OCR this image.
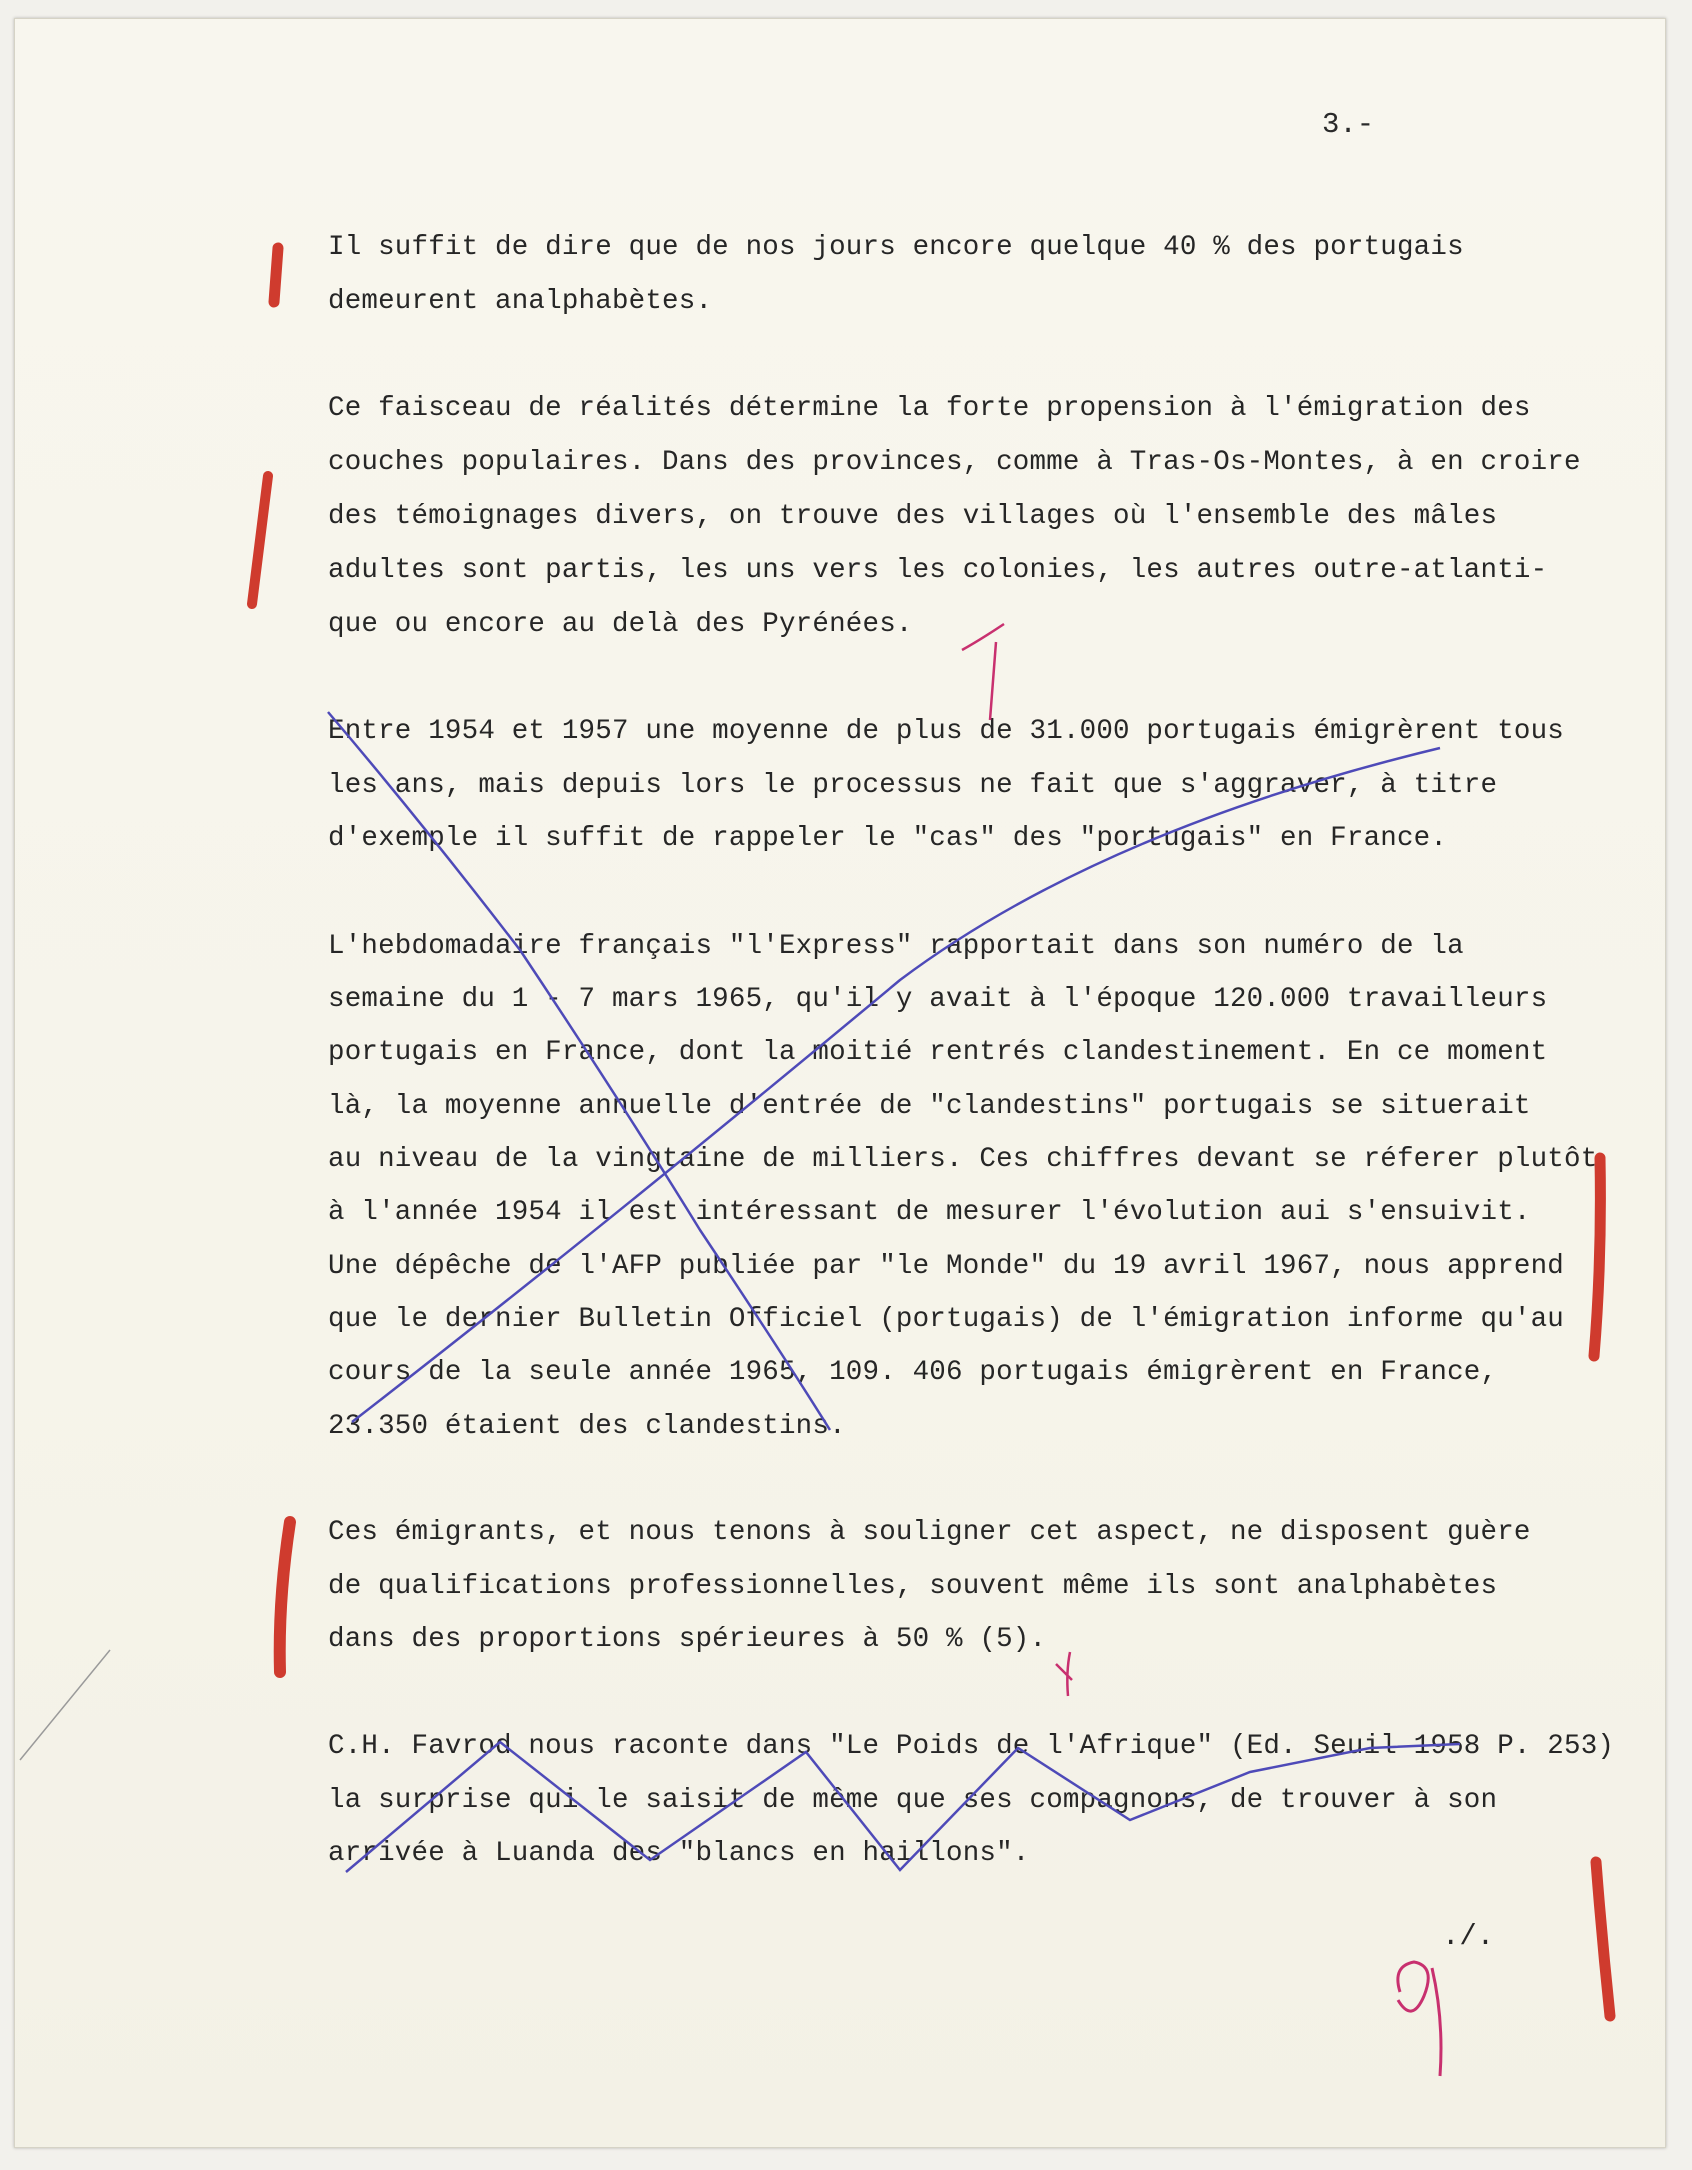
3.-
Il suffit de dire que de nos jours encore quelque 40 % des portugais
demeurent analphabètes.
Ce faisceau de réalités détermine la forte propension à l'émigration des
couches populaires. Dans des provinces, comme à Tras-Os-Montes, à en croire
des témoignages divers, on trouve des villages où l'ensemble des mâles
adultes sont partis, les uns vers les colonies, les autres outre-atlanti-
que ou encore au delà des Pyrénées.
Entre 1954 et 1957 une moyenne de plus de 31.000 portugais émigrèrent tous
les ans, mais depuis lors le processus ne fait que s'aggraver, à titre
d'exemple il suffit de rappeler le "cas" des "portugais" en France.
L'hebdomadaire français "l'Express" rapportait dans son numéro de la
semaine du 1 - 7 mars 1965, qu'il y avait à l'époque 120.000 travailleurs
portugais en France, dont la moitié rentrés clandestinement. En ce moment
là, la moyenne annuelle d'entrée de "clandestins" portugais se situerait
au niveau de la vingtaine de milliers. Ces chiffres devant se réferer plutôt
à l'année 1954 il est intéressant de mesurer l'évolution aui s'ensuivit.
Une dépêche de l'AFP publiée par "le Monde" du 19 avril 1967, nous apprend
que le dernier Bulletin Officiel (portugais) de l'émigration informe qu'au
cours de la seule année 1965, 109. 406 portugais émigrèrent en France,
23.350 étaient des clandestins.
Ces émigrants, et nous tenons à souligner cet aspect, ne disposent guère
de qualifications professionnelles, souvent même ils sont analphabètes
dans des proportions spérieures à 50 % (5).
C.H. Favrod nous raconte dans "Le Poids de l'Afrique" (Ed. Seuil 1958 P. 253)
la surprise qui le saisit de même que ses compagnons, de trouver à son
arrivée à Luanda des "blancs en haillons".
./.
